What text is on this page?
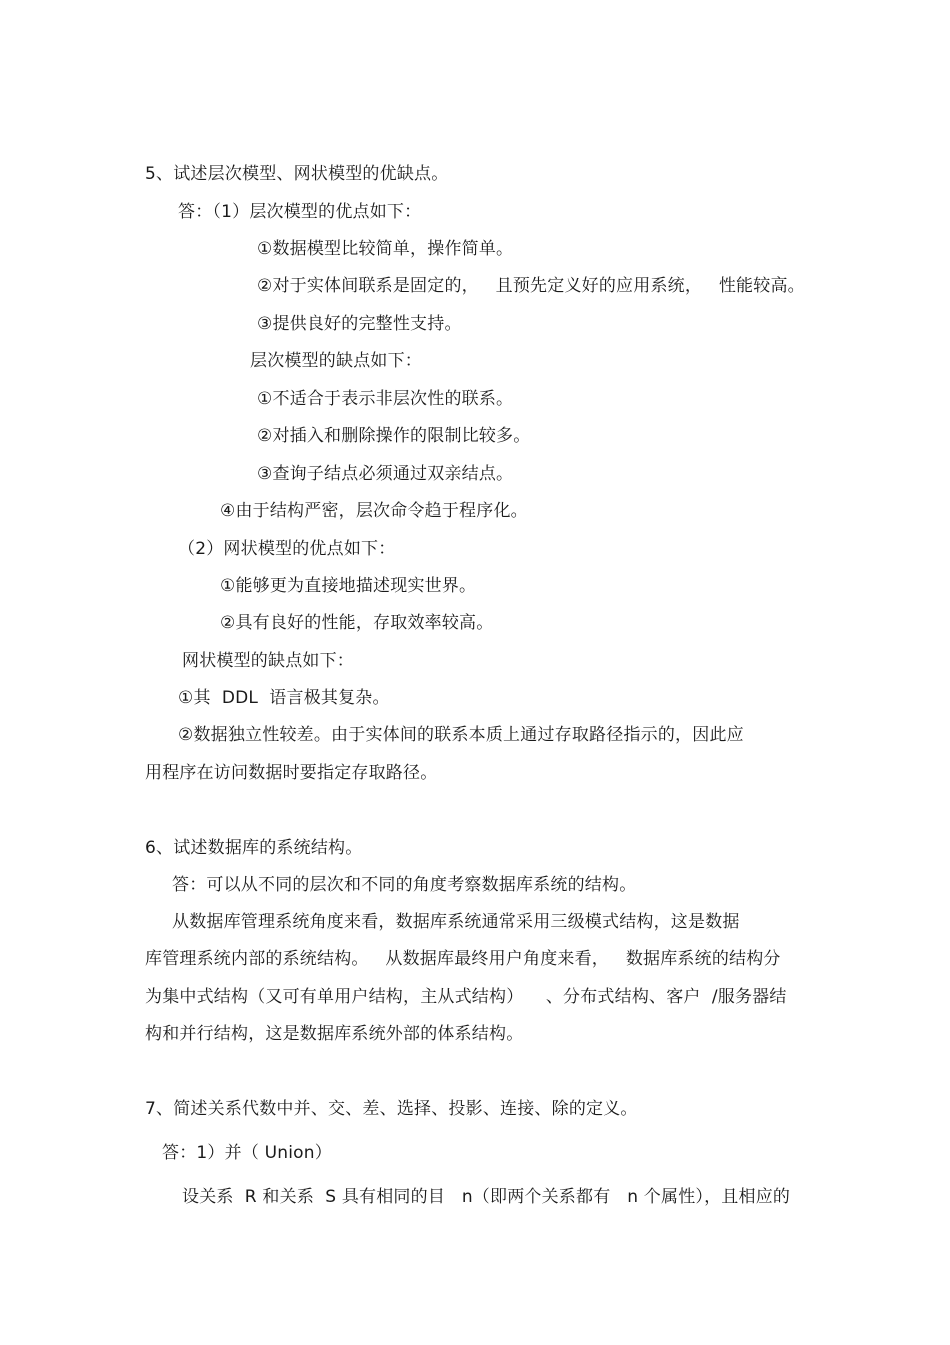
5、试述层次模型、网状模型的优缺点。
答：（1）层次模型的优点如下：
①数据模型比较简单，操作简单。
②对于实体间联系是固定的，   且预先定义好的应用系统，   性能较高。
③提供良好的完整性支持。
层次模型的缺点如下：
①不适合于表示非层次性的联系。
②对插入和删除操作的限制比较多。
③查询子结点必须通过双亲结点。
④由于结构严密，层次命令趋于程序化。
（2）网状模型的优点如下：
①能够更为直接地描述现实世界。
②具有良好的性能，存取效率较高。
网状模型的缺点如下：
①其  DDL  语言极其复杂。
②数据独立性较差。由于实体间的联系本质上通过存取路径指示的，因此应
用程序在访问数据时要指定存取路径。
6、试述数据库的系统结构。
答：可以从不同的层次和不同的角度考察数据库系统的结构。
从数据库管理系统角度来看，数据库系统通常采用三级模式结构，这是数据
库管理系统内部的系统结构。   从数据库最终用户角度来看，   数据库系统的结构分
为集中式结构（又可有单用户结构，主从式结构）    、分布式结构、客户  /服务器结
构和并行结构，这是数据库系统外部的体系结构。
7、简述关系代数中并、交、差、选择、投影、连接、除的定义。
答：1）并（ Union）
设关系  R 和关系  S 具有相同的目   n（即两个关系都有   n 个属性），且相应的
